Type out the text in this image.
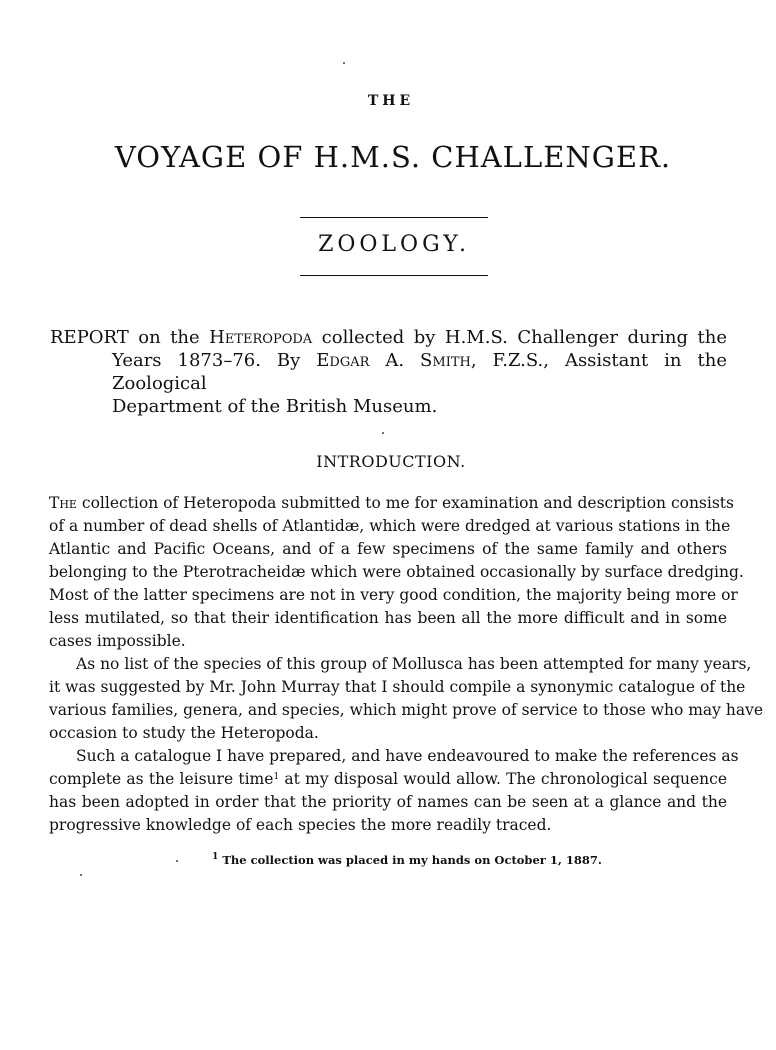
THE
VOYAGE OF H.M.S. CHALLENGER.
ZOOLOGY.

REPORT on the Heteropoda collected by H.M.S. Challenger during the

Years 1873–76. By Edgar A. Smith, F.Z.S., Assistant in the Zoological

Department of the British Museum.

INTRODUCTION.
The collection of Heteropoda submitted to me for examination and description consists
of a number of dead shells of Atlantidæ, which were dredged at various stations in the
Atlantic and Pacific Oceans, and of a few specimens of the same family and others
belonging to the Pterotracheidæ which were obtained occasionally by surface dredging.
Most of the latter specimens are not in very good condition, the majority being more or
less mutilated, so that their identification has been all the more difficult and in some
cases impossible.
As no list of the species of this group of Mollusca has been attempted for many years,
it was suggested by Mr. John Murray that I should compile a synonymic catalogue of the
various families, genera, and species, which might prove of service to those who may have
occasion to study the Heteropoda.
Such a catalogue I have prepared, and have endeavoured to make the references as
complete as the leisure time$^1$ at my disposal would allow. The chronological sequence
has been adopted in order that the priority of names can be seen at a glance and the
progressive knowledge of each species the more readily traced.
$^1$ The collection was placed in my hands on October 1, 1887.
